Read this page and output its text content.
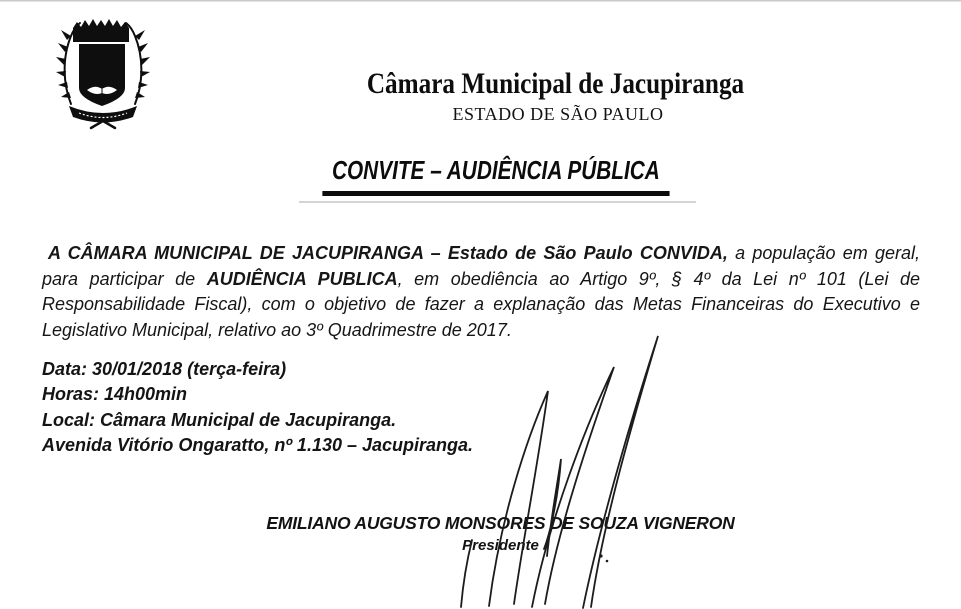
Câmara Municipal de Jacupiranga
ESTADO DE SÃO PAULO
CONVITE – AUDIÊNCIA PÚBLICA
A CÂMARA MUNICIPAL DE JACUPIRANGA – Estado de São Paulo CONVIDA, a população em geral,
para participar de AUDIÊNCIA PUBLICA, em obediência ao Artigo 9º, § 4º da Lei nº 101 (Lei de
Responsabilidade Fiscal), com o objetivo de fazer a explanação das Metas Financeiras do Executivo e
Legislativo Municipal, relativo ao 3º Quadrimestre de 2017.
Data: 30/01/2018 (terça-feira)
Horas: 14h00min
Local: Câmara Municipal de Jacupiranga.
Avenida Vitório Ongaratto, nº 1.130 – Jacupiranga.
EMILIANO AUGUSTO MONSORES DE SOUZA VIGNERON
Presidente
